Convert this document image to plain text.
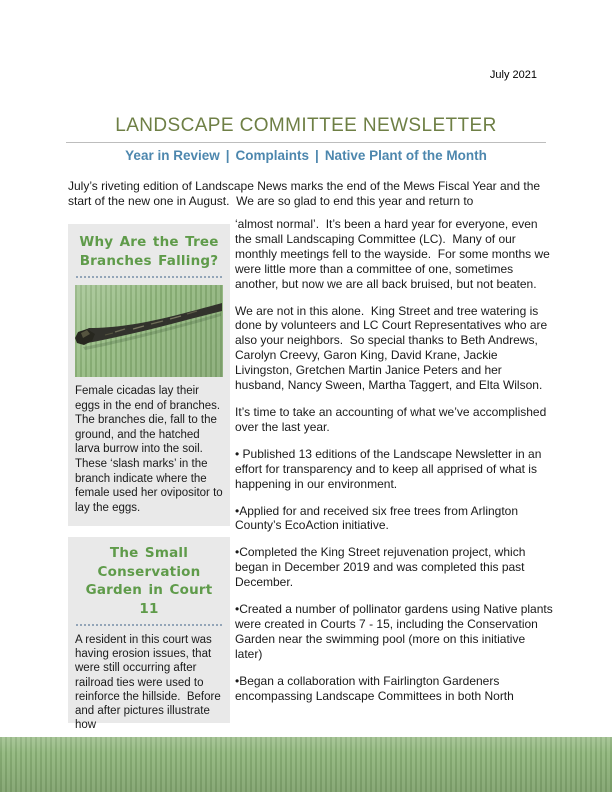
July 2021
LANDSCAPE COMMITTEE NEWSLETTER
Year in Review | Complaints | Native Plant of the Month

July’s riveting edition of Landscape News marks the end of the Mews Fiscal Year and the start of the new one in August.  We are so glad to end this year and return to

Why Are the Tree Branches Falling?

Female cicadas lay their eggs in the end of branches.  The branches die, fall to the ground, and the hatched larva burrow into the soil.  These ‘slash marks’ in the branch indicate where the female used her ovipositor to lay the eggs.

The Small Conservation Garden in Court 11

A resident in this court was having erosion issues, that were still occurring after railroad ties were used to reinforce the hillside.  Before and after pictures illustrate how

‘almost normal’.  It’s been a hard year for everyone, even the small Landscaping Committee (LC).  Many of our monthly meetings fell to the wayside.  For some months we were little more than a committee of one, sometimes another, but now we are all back bruised, but not beaten.

We are not in this alone.  King Street and tree watering is done by volunteers and LC Court Representatives who are also your neighbors.  So special thanks to Beth Andrews, Carolyn Creevy, Garon King, David Krane, Jackie Livingston, Gretchen Martin Janice Peters and her husband, Nancy Sween, Martha Taggert, and Elta Wilson.

It’s time to take an accounting of what we’ve accomplished over the last year.

• Published 13 editions of the Landscape Newsletter in an effort for transparency and to keep all apprised of what is happening in our environment.

•Applied for and received six free trees from Arlington County’s EcoAction initiative.

•Completed the King Street rejuvenation project, which began in December 2019 and was completed this past December.

•Created a number of pollinator gardens using Native plants were created in Courts 7 - 15, including the Conservation Garden near the swimming pool (more on this initiative later)

•Began a collaboration with Fairlington Gardeners encompassing Landscape Committees in both North
